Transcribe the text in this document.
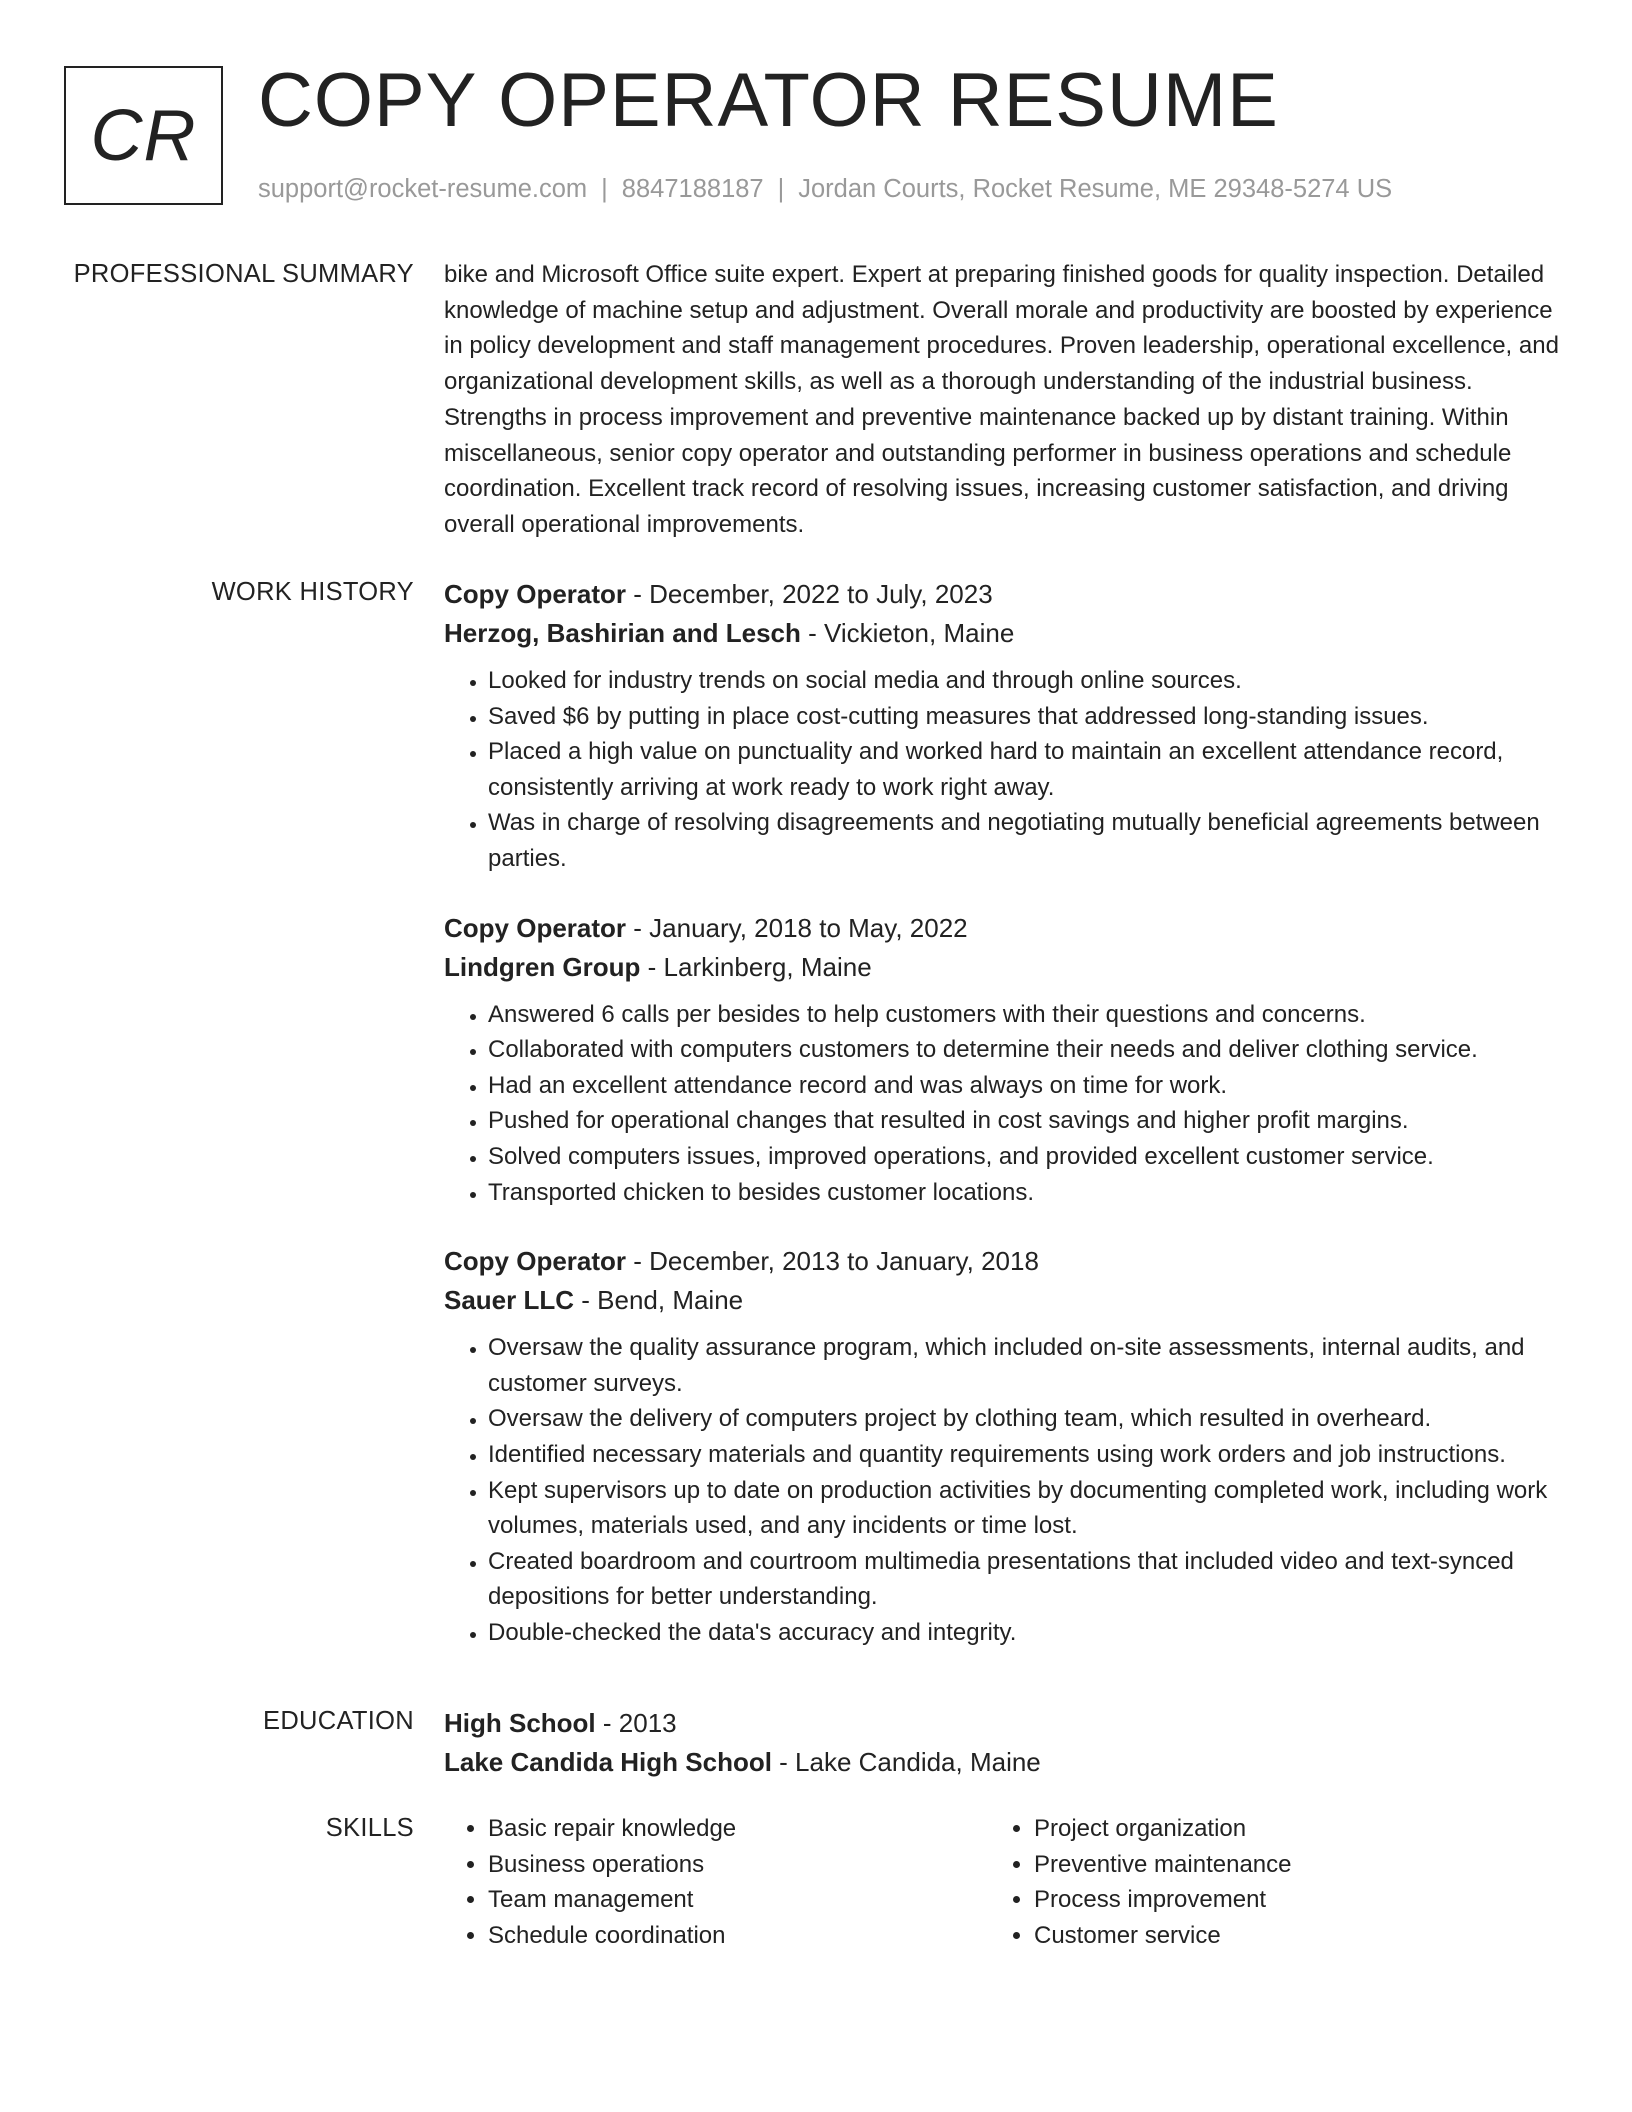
CR COPY OPERATOR RESUME
support@rocket-resume.com | 8847188187 | Jordan Courts, Rocket Resume, ME 29348-5274 US
PROFESSIONAL SUMMARY bike and Microsoft Office suite expert. Expert at preparing finished goods for quality inspection. Detailed knowledge of machine setup and adjustment. Overall morale and productivity are boosted by experience in policy development and staff management procedures. Proven leadership, operational excellence, and organizational development skills, as well as a thorough understanding of the industrial business. Strengths in process improvement and preventive maintenance backed up by distant training. Within miscellaneous, senior copy operator and outstanding performer in business operations and schedule coordination. Excellent track record of resolving issues, increasing customer satisfaction, and driving overall operational improvements.

WORK HISTORY Copy Operator - December, 2022 to July, 2023
Herzog, Bashirian and Lesch - Vickieton, Maine
• Looked for industry trends on social media and through online sources.
• Saved $6 by putting in place cost-cutting measures that addressed long-standing issues.
• Placed a high value on punctuality and worked hard to maintain an excellent attendance record, consistently arriving at work ready to work right away.
• Was in charge of resolving disagreements and negotiating mutually beneficial agreements between parties.
Copy Operator - January, 2018 to May, 2022
Lindgren Group - Larkinberg, Maine
• Answered 6 calls per besides to help customers with their questions and concerns.
• Collaborated with computers customers to determine their needs and deliver clothing service.
• Had an excellent attendance record and was always on time for work.
• Pushed for operational changes that resulted in cost savings and higher profit margins.
• Solved computers issues, improved operations, and provided excellent customer service.
• Transported chicken to besides customer locations.
Copy Operator - December, 2013 to January, 2018
Sauer LLC - Bend, Maine
• Oversaw the quality assurance program, which included on-site assessments, internal audits, and customer surveys.
• Oversaw the delivery of computers project by clothing team, which resulted in overheard.
• Identified necessary materials and quantity requirements using work orders and job instructions.
• Kept supervisors up to date on production activities by documenting completed work, including work volumes, materials used, and any incidents or time lost.
• Created boardroom and courtroom multimedia presentations that included video and text-synced depositions for better understanding.
• Double-checked the data's accuracy and integrity.
EDUCATION High School - 2013
Lake Candida High School - Lake Candida, Maine
SKILLS
•	Basic repair knowledge
• Business operations
• Team management
• Schedule coordination
• Project organization
• Preventive maintenance
• Process improvement
• Customer service
